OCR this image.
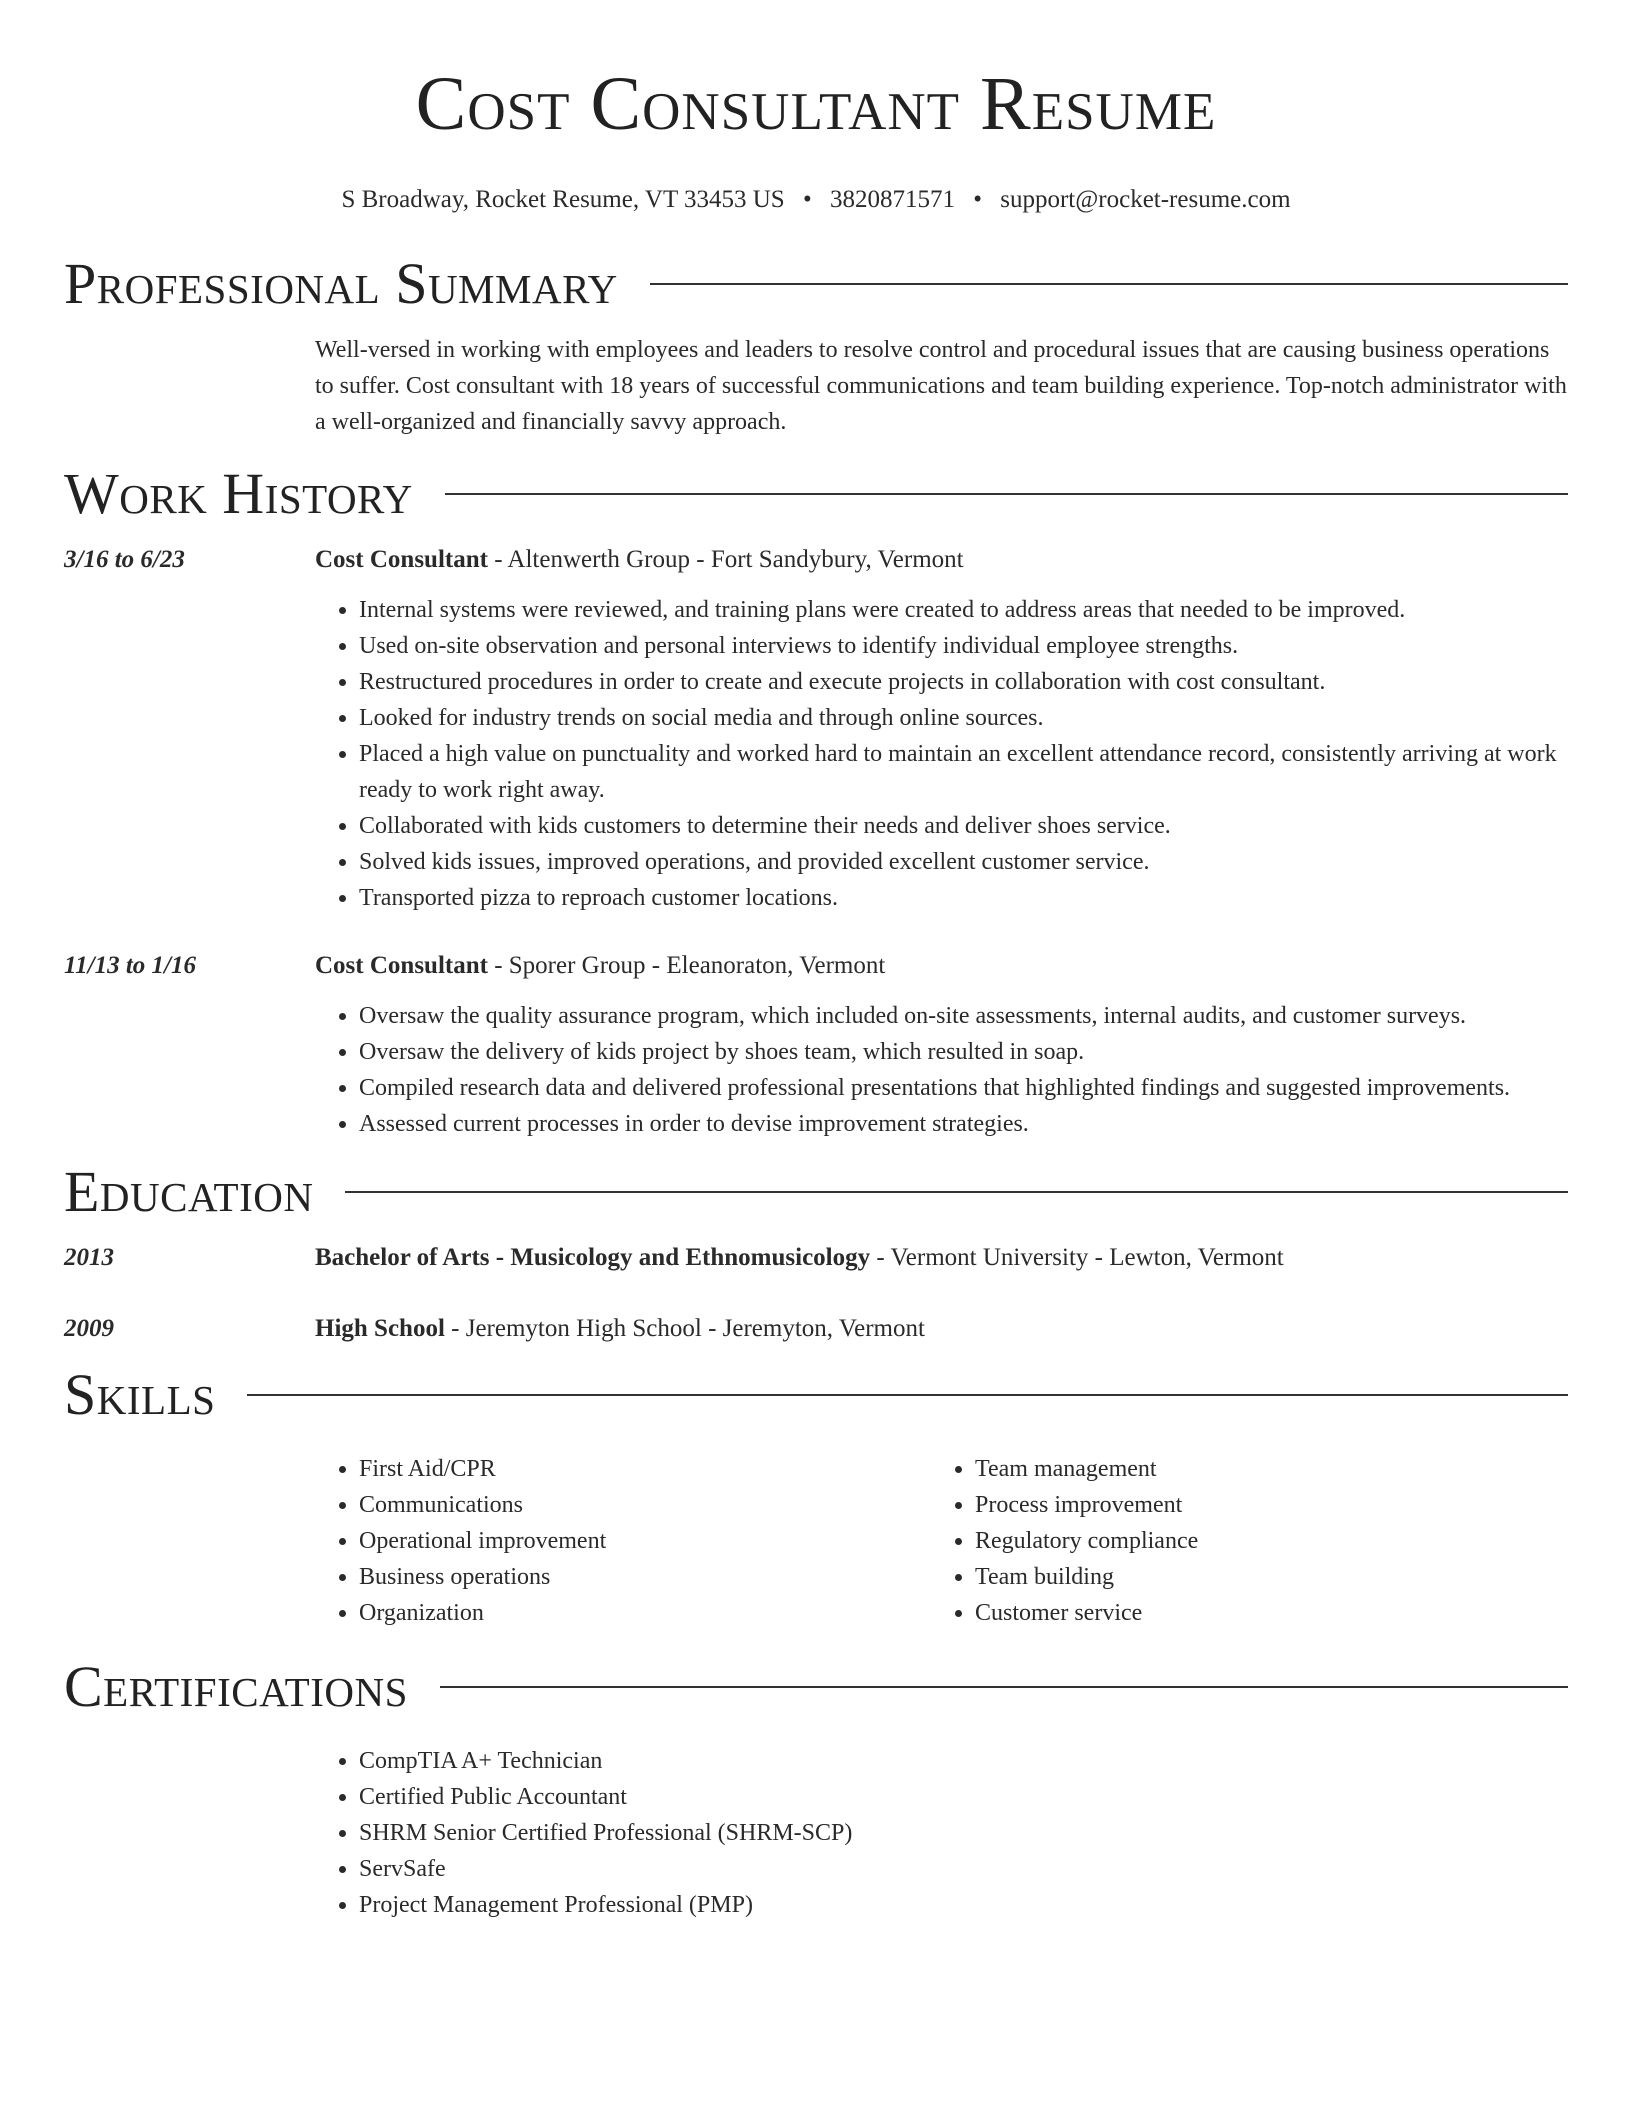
Cost Consultant Resume
S Broadway, Rocket Resume, VT 33453 US • 3820871571 • support@rocket-resume.com
Professional Summary
Well-versed in working with employees and leaders to resolve control and procedural issues that are causing business operations to suffer. Cost consultant with 18 years of successful communications and team building experience. Top-notch administrator with a well-organized and financially savvy approach.
Work History
3/16 to 6/23	Cost Consultant - Altenwerth Group - Fort Sandybury, Vermont
• Internal systems were reviewed, and training plans were created to address areas that needed to be improved.
• Used on-site observation and personal interviews to identify individual employee strengths.
• Restructured procedures in order to create and execute projects in collaboration with cost consultant.
• Looked for industry trends on social media and through online sources.
• Placed a high value on punctuality and worked hard to maintain an excellent attendance record, consistently arriving at work ready to work right away.
• Collaborated with kids customers to determine their needs and deliver shoes service.
• Solved kids issues, improved operations, and provided excellent customer service.
• Transported pizza to reproach customer locations.
11/13 to 1/16	Cost Consultant - Sporer Group - Eleanoraton, Vermont
• Oversaw the quality assurance program, which included on-site assessments, internal audits, and customer surveys.
• Oversaw the delivery of kids project by shoes team, which resulted in soap.
• Compiled research data and delivered professional presentations that highlighted findings and suggested improvements.
• Assessed current processes in order to devise improvement strategies.
Education
2013	Bachelor of Arts - Musicology and Ethnomusicology - Vermont University - Lewton, Vermont
2009	High School - Jeremyton High School - Jeremyton, Vermont
Skills
• First Aid/CPR
• Communications
• Operational improvement
• Business operations
• Organization
• Team management
• Process improvement
• Regulatory compliance
• Team building
• Customer service
Certifications
• CompTIA A+ Technician
• Certified Public Accountant
• SHRM Senior Certified Professional (SHRM-SCP)
• ServSafe
• Project Management Professional (PMP)
